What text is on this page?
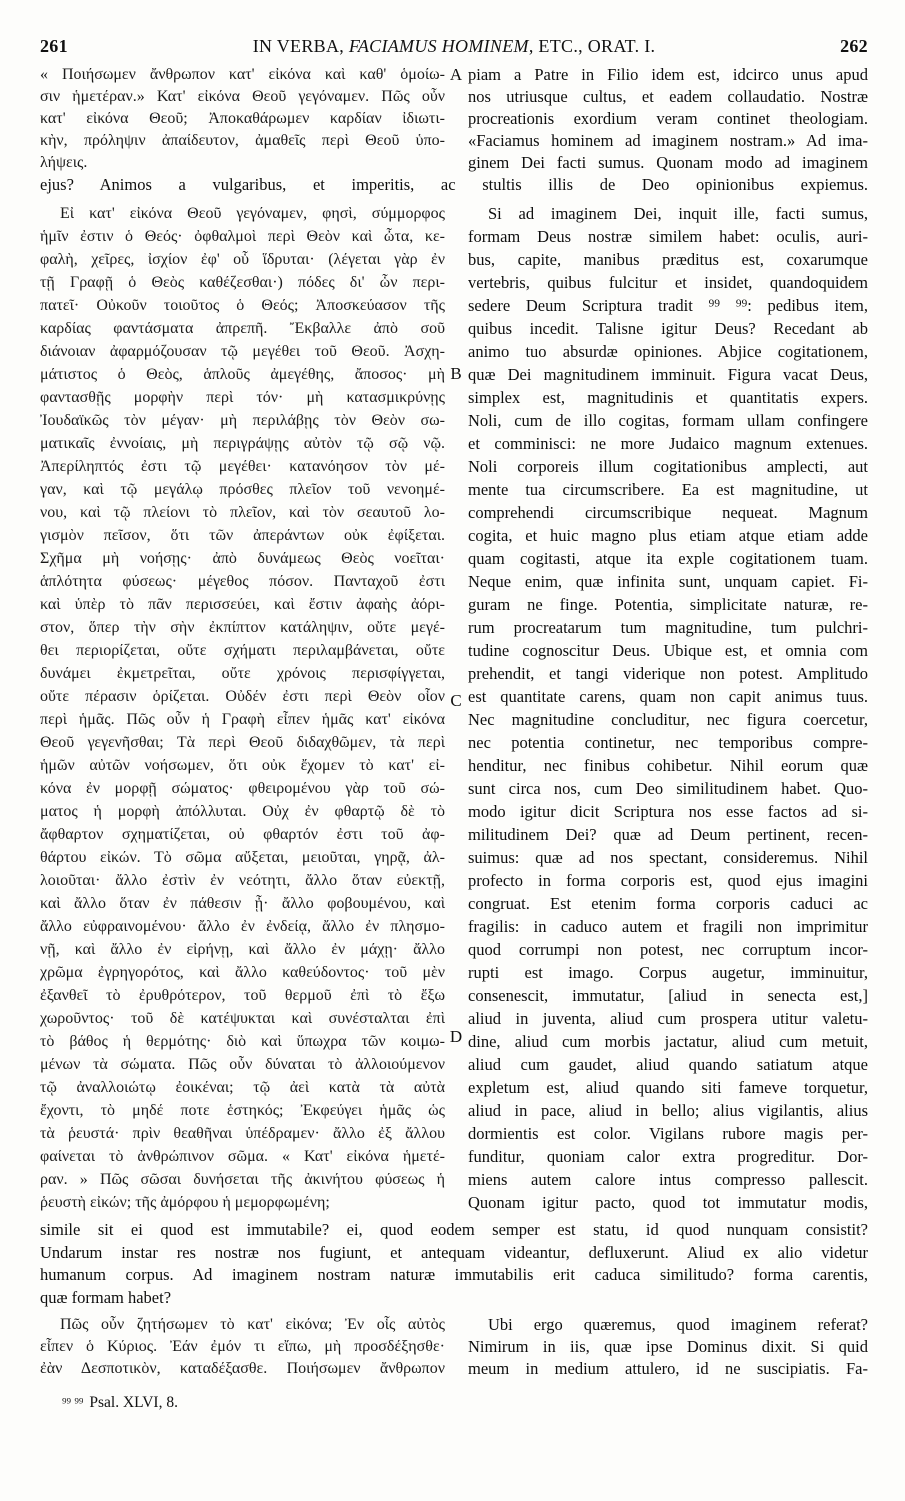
261	IN VERBA, FACIAMUS HOMINEM, ETC., ORAT. I.	262
« Ποιήσωμεν ἄνθρωπον κατ' εἰκόνα καὶ καθ' ὁμοίω-
σιν ἡμετέραν.» Κατ' εἰκόνα Θεοῦ γεγόναμεν. Πῶς οὖν
κατ' εἰκόνα Θεοῦ; Ἀποκαθάρωμεν καρδίαν ἰδιωτι-
κὴν, πρόληψιν ἀπαίδευτον, ἀμαθεῖς περὶ Θεοῦ ὑπο-
λήψεις.
A piam a Patre in Filio idem est, idcirco unus apud
nos utriusque cultus, et eadem collaudatio. Nostræ
procreationis exordium veram continet theologiam.
«Faciamus hominem ad imaginem nostram.» Ad ima-
ginem Dei facti sumus. Quonam modo ad imaginem
ejus? Animos a vulgaribus, et imperitis, ac stultis illis de Deo opinionibus expiemus.
Εἰ κατ' εἰκόνα Θεοῦ γεγόναμεν, φησὶ, σύμμορφος
ἡμῖν ἐστιν ὁ Θεός· ὀφθαλμοὶ περὶ Θεὸν καὶ ὦτα, κε-
φαλὴ, χεῖρες, ἰσχίον ἐφ' οὗ ἵδρυται· (λέγεται γὰρ ἐν
τῇ Γραφῇ ὁ Θεὸς καθέζεσθαι·) πόδες δι' ὧν περι-
πατεῖ· Οὐκοῦν τοιοῦτος ὁ Θεός; Ἀποσκεύασον τῆς
καρδίας φαντάσματα ἀπρεπῆ. Ἔκβαλλε ἀπὸ σοῦ
διάνοιαν ἀφαρμόζουσαν τῷ μεγέθει τοῦ Θεοῦ. Ἀσχη-
μάτιστος ὁ Θεὸς, ἁπλοῦς ἀμεγέθης, ἄποσος· μὴ
φαντασθῇς μορφὴν περὶ τόν· μὴ κατασμικρύνῃς
Ἰουδαϊκῶς τὸν μέγαν· μὴ περιλάβῃς τὸν Θεὸν σω-
ματικαῖς ἐννοίαις, μὴ περιγράψῃς αὐτὸν τῷ σῷ νῷ.
Ἀπερίληπτός ἐστι τῷ μεγέθει· κατανόησον τὸν μέ-
γαν, καὶ τῷ μεγάλῳ πρόσθες πλεῖον τοῦ νενοημέ-
νου, καὶ τῷ πλείονι τὸ πλεῖον, καὶ τὸν σεαυτοῦ λο-
γισμὸν πεῖσον, ὅτι τῶν ἀπεράντων οὐκ ἐφίξεται.
Σχῆμα μὴ νοήσῃς· ἀπὸ δυνάμεως Θεὸς νοεῖται·
ἁπλότητα φύσεως· μέγεθος πόσον. Πανταχοῦ ἐστι
καὶ ὑπὲρ τὸ πᾶν περισσεύει, καὶ ἔστιν ἀφαὴς ἀόρι-
στον, ὅπερ τὴν σὴν ἐκπίπτον κατάληψιν, οὔτε μεγέ-
θει περιορίζεται, οὔτε σχήματι περιλαμβάνεται, οὔτε
δυνάμει ἐκμετρεῖται, οὔτε χρόνοις περισφίγγεται,
οὔτε πέρασιν ὁρίζεται. Οὐδέν ἐστι περὶ Θεὸν οἷον
περὶ ἡμᾶς. Πῶς οὖν ἡ Γραφὴ εἶπεν ἡμᾶς κατ' εἰκόνα
Θεοῦ γεγενῆσθαι; Τὰ περὶ Θεοῦ διδαχθῶμεν, τὰ περὶ
ἡμῶν αὐτῶν νοήσωμεν, ὅτι οὐκ ἔχομεν τὸ κατ' εἰ-
κόνα ἐν μορφῇ σώματος· φθειρομένου γὰρ τοῦ σώ-
ματος ἡ μορφὴ ἀπόλλυται. Οὐχ ἐν φθαρτῷ δὲ τὸ
ἄφθαρτον σχηματίζεται, οὐ φθαρτόν ἐστι τοῦ ἀφ-
θάρτου εἰκών. Τὸ σῶμα αὔξεται, μειοῦται, γηρᾷ, ἀλ-
λοιοῦται· ἄλλο ἐστὶν ἐν νεότητι, ἄλλο ὅταν εὐεκτῇ,
καὶ ἄλλο ὅταν ἐν πάθεσιν ᾖ· ἄλλο φοβουμένου, καὶ
ἄλλο εὐφραινομένου· ἄλλο ἐν ἐνδείᾳ, ἄλλο ἐν πλησμο-
νῇ, καὶ ἄλλο ἐν εἰρήνῃ, καὶ ἄλλο ἐν μάχῃ· ἄλλο
χρῶμα ἐγρηγορότος, καὶ ἄλλο καθεύδοντος· τοῦ μὲν
ἐξανθεῖ τὸ ἐρυθρότερον, τοῦ θερμοῦ ἐπὶ τὸ ἔξω
χωροῦντος· τοῦ δὲ κατέψυκται καὶ συνέσταλται ἐπὶ
τὸ βάθος ἡ θερμότης· διὸ καὶ ὕπωχρα τῶν κοιμω-
μένων τὰ σώματα. Πῶς οὖν δύναται τὸ ἀλλοιούμενον
τῷ ἀναλλοιώτῳ ἐοικέναι; τῷ ἀεὶ κατὰ τὰ αὐτὰ
ἔχοντι, τὸ μηδέ ποτε ἑστηκός; Ἐκφεύγει ἡμᾶς ὡς
τὰ ῥευστά· πρὶν θεαθῆναι ὑπέδραμεν· ἄλλο ἐξ ἄλλου
φαίνεται τὸ ἀνθρώπινον σῶμα. « Κατ' εἰκόνα ἡμετέ-
ραν. » Πῶς σῶσαι δυνήσεται τῆς ἀκινήτου φύσεως ἡ
ῥευστὴ εἰκών; τῆς ἀμόρφου ἡ μεμορφωμένη;
B
C
D
Si ad imaginem Dei, inquit ille, facti sumus,
formam Deus nostræ similem habet: oculis, auri-
bus, capite, manibus præditus est, coxarumque
vertebris, quibus fulcitur et insidet, quandoquidem
sedere Deum Scriptura tradit ⁹⁹ ⁹⁹: pedibus item,
quibus incedit. Talisne igitur Deus? Recedant ab
animo tuo absurdæ opiniones. Abjice cogitationem,
quæ Dei magnitudinem imminuit. Figura vacat Deus,
simplex est, magnitudinis et quantitatis expers.
Noli, cum de illo cogitas, formam ullam confingere
et comminisci: ne more Judaico magnum extenues.
Noli corporeis illum cogitationibus amplecti, aut
mente tua circumscribere. Ea est magnitudine, ut
comprehendi circumscribique nequeat. Magnum
cogita, et huic magno plus etiam atque etiam adde
quam cogitasti, atque ita exple cogitationem tuam.
Neque enim, quæ infinita sunt, unquam capiet. Fi-
guram ne finge. Potentia, simplicitate naturæ, re-
rum procreatarum tum magnitudine, tum pulchri-
tudine cognoscitur Deus. Ubique est, et omnia com
prehendit, et tangi viderique non potest. Amplitudo
est quantitate carens, quam non capit animus tuus.
Nec magnitudine concluditur, nec figura coercetur,
nec potentia continetur, nec temporibus compre-
henditur, nec finibus cohibetur. Nihil eorum quæ
sunt circa nos, cum Deo similitudinem habet. Quo-
modo igitur dicit Scriptura nos esse factos ad si-
militudinem Dei? quæ ad Deum pertinent, recen-
suimus: quæ ad nos spectant, consideremus. Nihil
profecto in forma corporis est, quod ejus imagini
congruat. Est etenim forma corporis caduci ac
fragilis: in caduco autem et fragili non imprimitur
quod corrumpi non potest, nec corruptum incor-
rupti est imago. Corpus augetur, imminuitur,
consenescit, immutatur, [aliud in senecta est,]
aliud in juventa, aliud cum prospera utitur valetu-
dine, aliud cum morbis jactatur, aliud cum metuit,
aliud cum gaudet, aliud quando satiatum atque
expletum est, aliud quando siti fameve torquetur,
aliud in pace, aliud in bello; alius vigilantis, alius
dormientis est color. Vigilans rubore magis per-
funditur, quoniam calor extra progreditur. Dor-
miens autem calore intus compresso pallescit.
Quonam igitur pacto, quod tot immutatur modis,
simile sit ei quod est immutabile? ei, quod eodem semper est statu, id quod nunquam consistit?
Undarum instar res nostræ nos fugiunt, et antequam videantur, defluxerunt. Aliud ex alio videtur
humanum corpus. Ad imaginem nostram naturæ immutabilis erit caduca similitudo? forma carentis,
quæ formam habet?
Πῶς οὖν ζητήσωμεν τὸ κατ' εἰκόνα; Ἐν οἷς αὐτὸς
εἶπεν ὁ Κύριος. Ἐάν ἐμόν τι εἴπω, μὴ προσδέξησθε·
ἐὰν Δεσποτικὸν, καταδέξασθε. Ποιήσωμεν ἄνθρωπον
Ubi ergo quæremus, quod imaginem referat?
Nimirum in iis, quæ ipse Dominus dixit. Si quid
meum in medium attulero, id ne suscipiatis. Fa-
⁹⁹ ⁹⁹ Psal. XLVI, 8.
